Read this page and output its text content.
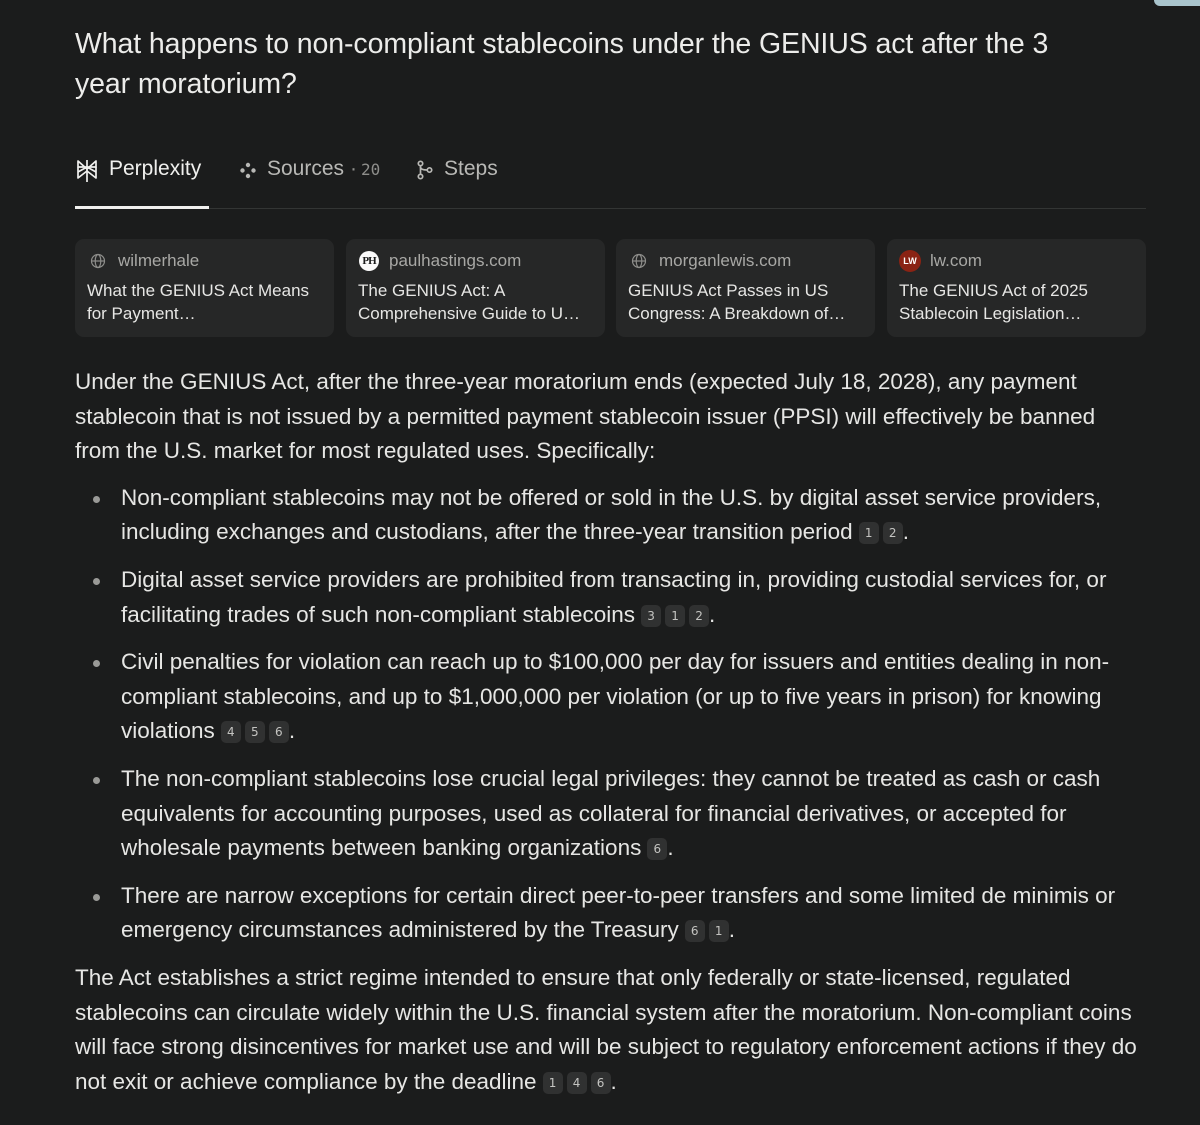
What happens to non-compliant stablecoins under the GENIUS act after the 3 year moratorium?
Perplexity	Sources · 20	Steps
wilmerhale
What the GENIUS Act Means for Payment…
PH paulhastings.com
The GENIUS Act: A Comprehensive Guide to U…
morganlewis.com
GENIUS Act Passes in US Congress: A Breakdown of…
LW lw.com
The GENIUS Act of 2025 Stablecoin Legislation…

Under the GENIUS Act, after the three-year moratorium ends (expected July 18, 2028), any payment stablecoin that is not issued by a permitted payment stablecoin issuer (PPSI) will effectively be banned from the U.S. market for most regulated uses. Specifically:

Non-compliant stablecoins may not be offered or sold in the U.S. by digital asset service providers, including exchanges and custodians, after the three-year transition period 1 2 .
Digital asset service providers are prohibited from transacting in, providing custodial services for, or facilitating trades of such non-compliant stablecoins 3 1 2 .
Civil penalties for violation can reach up to $100,000 per day for issuers and entities dealing in non-compliant stablecoins, and up to $1,000,000 per violation (or up to five years in prison) for knowing violations 4 5 6 .
The non-compliant stablecoins lose crucial legal privileges: they cannot be treated as cash or cash equivalents for accounting purposes, used as collateral for financial derivatives, or accepted for wholesale payments between banking organizations 6 .
There are narrow exceptions for certain direct peer-to-peer transfers and some limited de minimis or emergency circumstances administered by the Treasury 6 1 .

The Act establishes a strict regime intended to ensure that only federally or state-licensed, regulated stablecoins can circulate widely within the U.S. financial system after the moratorium. Non-compliant coins will face strong disincentives for market use and will be subject to regulatory enforcement actions if they do not exit or achieve compliance by the deadline 1 4 6 .
